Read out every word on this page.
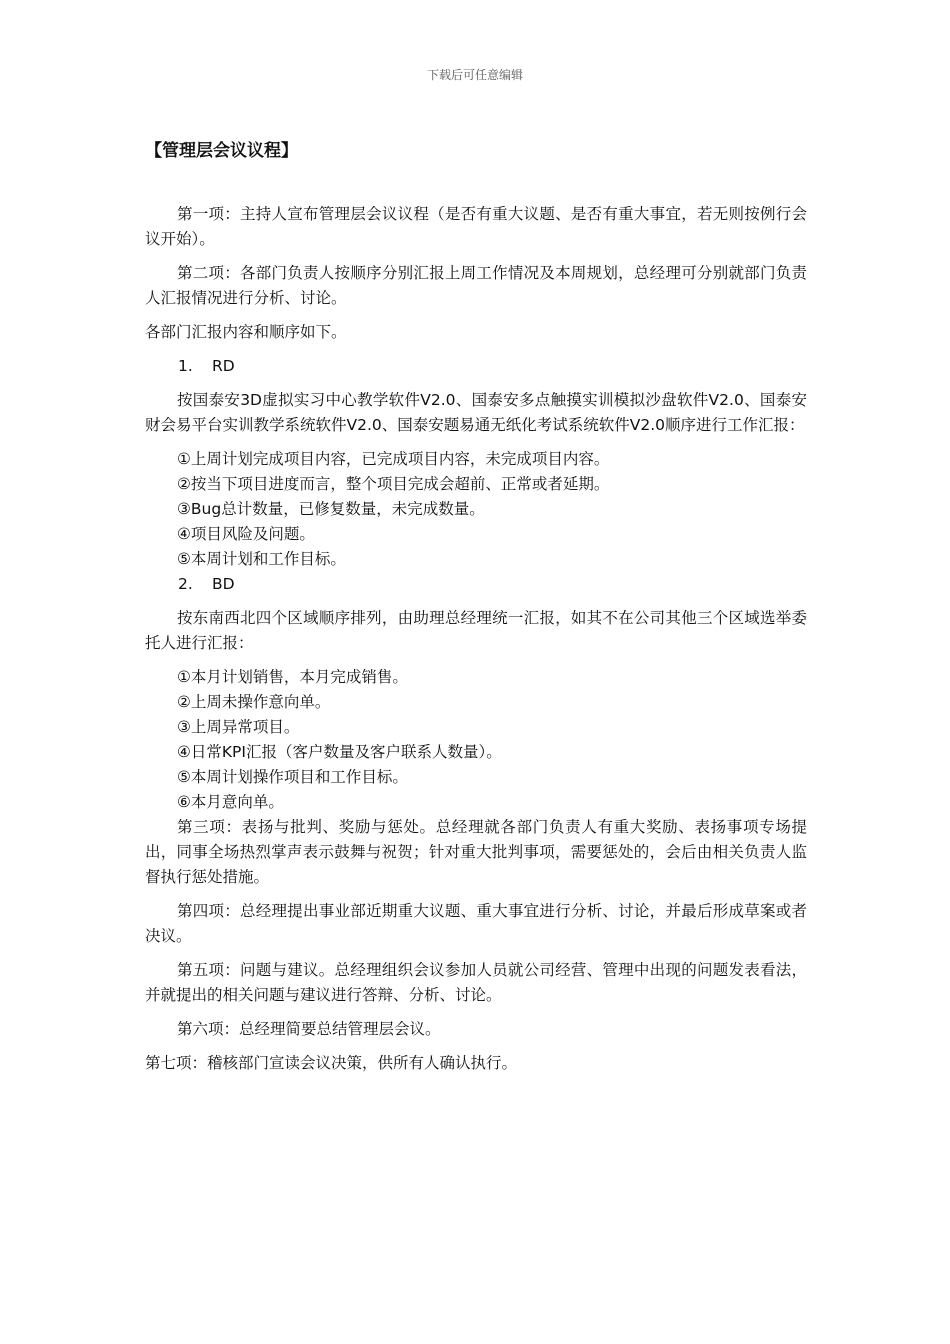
下载后可任意编辑
【管理层会议议程】

第一项：主持人宣布管理层会议议程（是否有重大议题、是否有重大事宜，若无则按例行会议开始）。

第二项：各部门负责人按顺序分别汇报上周工作情况及本周规划，总经理可分别就部门负责人汇报情况进行分析、讨论。

各部门汇报内容和顺序如下。

1.	RD

按国泰安3D虚拟实习中心教学软件V2.0、国泰安多点触摸实训模拟沙盘软件V2.0、国泰安财会易平台实训教学系统软件V2.0、国泰安题易通无纸化考试系统软件V2.0顺序进行工作汇报：

①上周计划完成项目内容，已完成项目内容，未完成项目内容。

②按当下项目进度而言，整个项目完成会超前、正常或者延期。

③Bug总计数量，已修复数量，未完成数量。

④项目风险及问题。

⑤本周计划和工作目标。

2.	BD

按东南西北四个区域顺序排列，由助理总经理统一汇报，如其不在公司其他三个区域选举委托人进行汇报：

①本月计划销售，本月完成销售。

②上周未操作意向单。

③上周异常项目。

④日常KPI汇报（客户数量及客户联系人数量）。

⑤本周计划操作项目和工作目标。

⑥本月意向单。

第三项：表扬与批判、奖励与惩处。总经理就各部门负责人有重大奖励、表扬事项专场提出，同事全场热烈掌声表示鼓舞与祝贺；针对重大批判事项，需要惩处的，会后由相关负责人监督执行惩处措施。

第四项：总经理提出事业部近期重大议题、重大事宜进行分析、讨论，并最后形成草案或者决议。

第五项：问题与建议。总经理组织会议参加人员就公司经营、管理中出现的问题发表看法，并就提出的相关问题与建议进行答辩、分析、讨论。

第六项：总经理简要总结管理层会议。

第七项：稽核部门宣读会议决策，供所有人确认执行。
